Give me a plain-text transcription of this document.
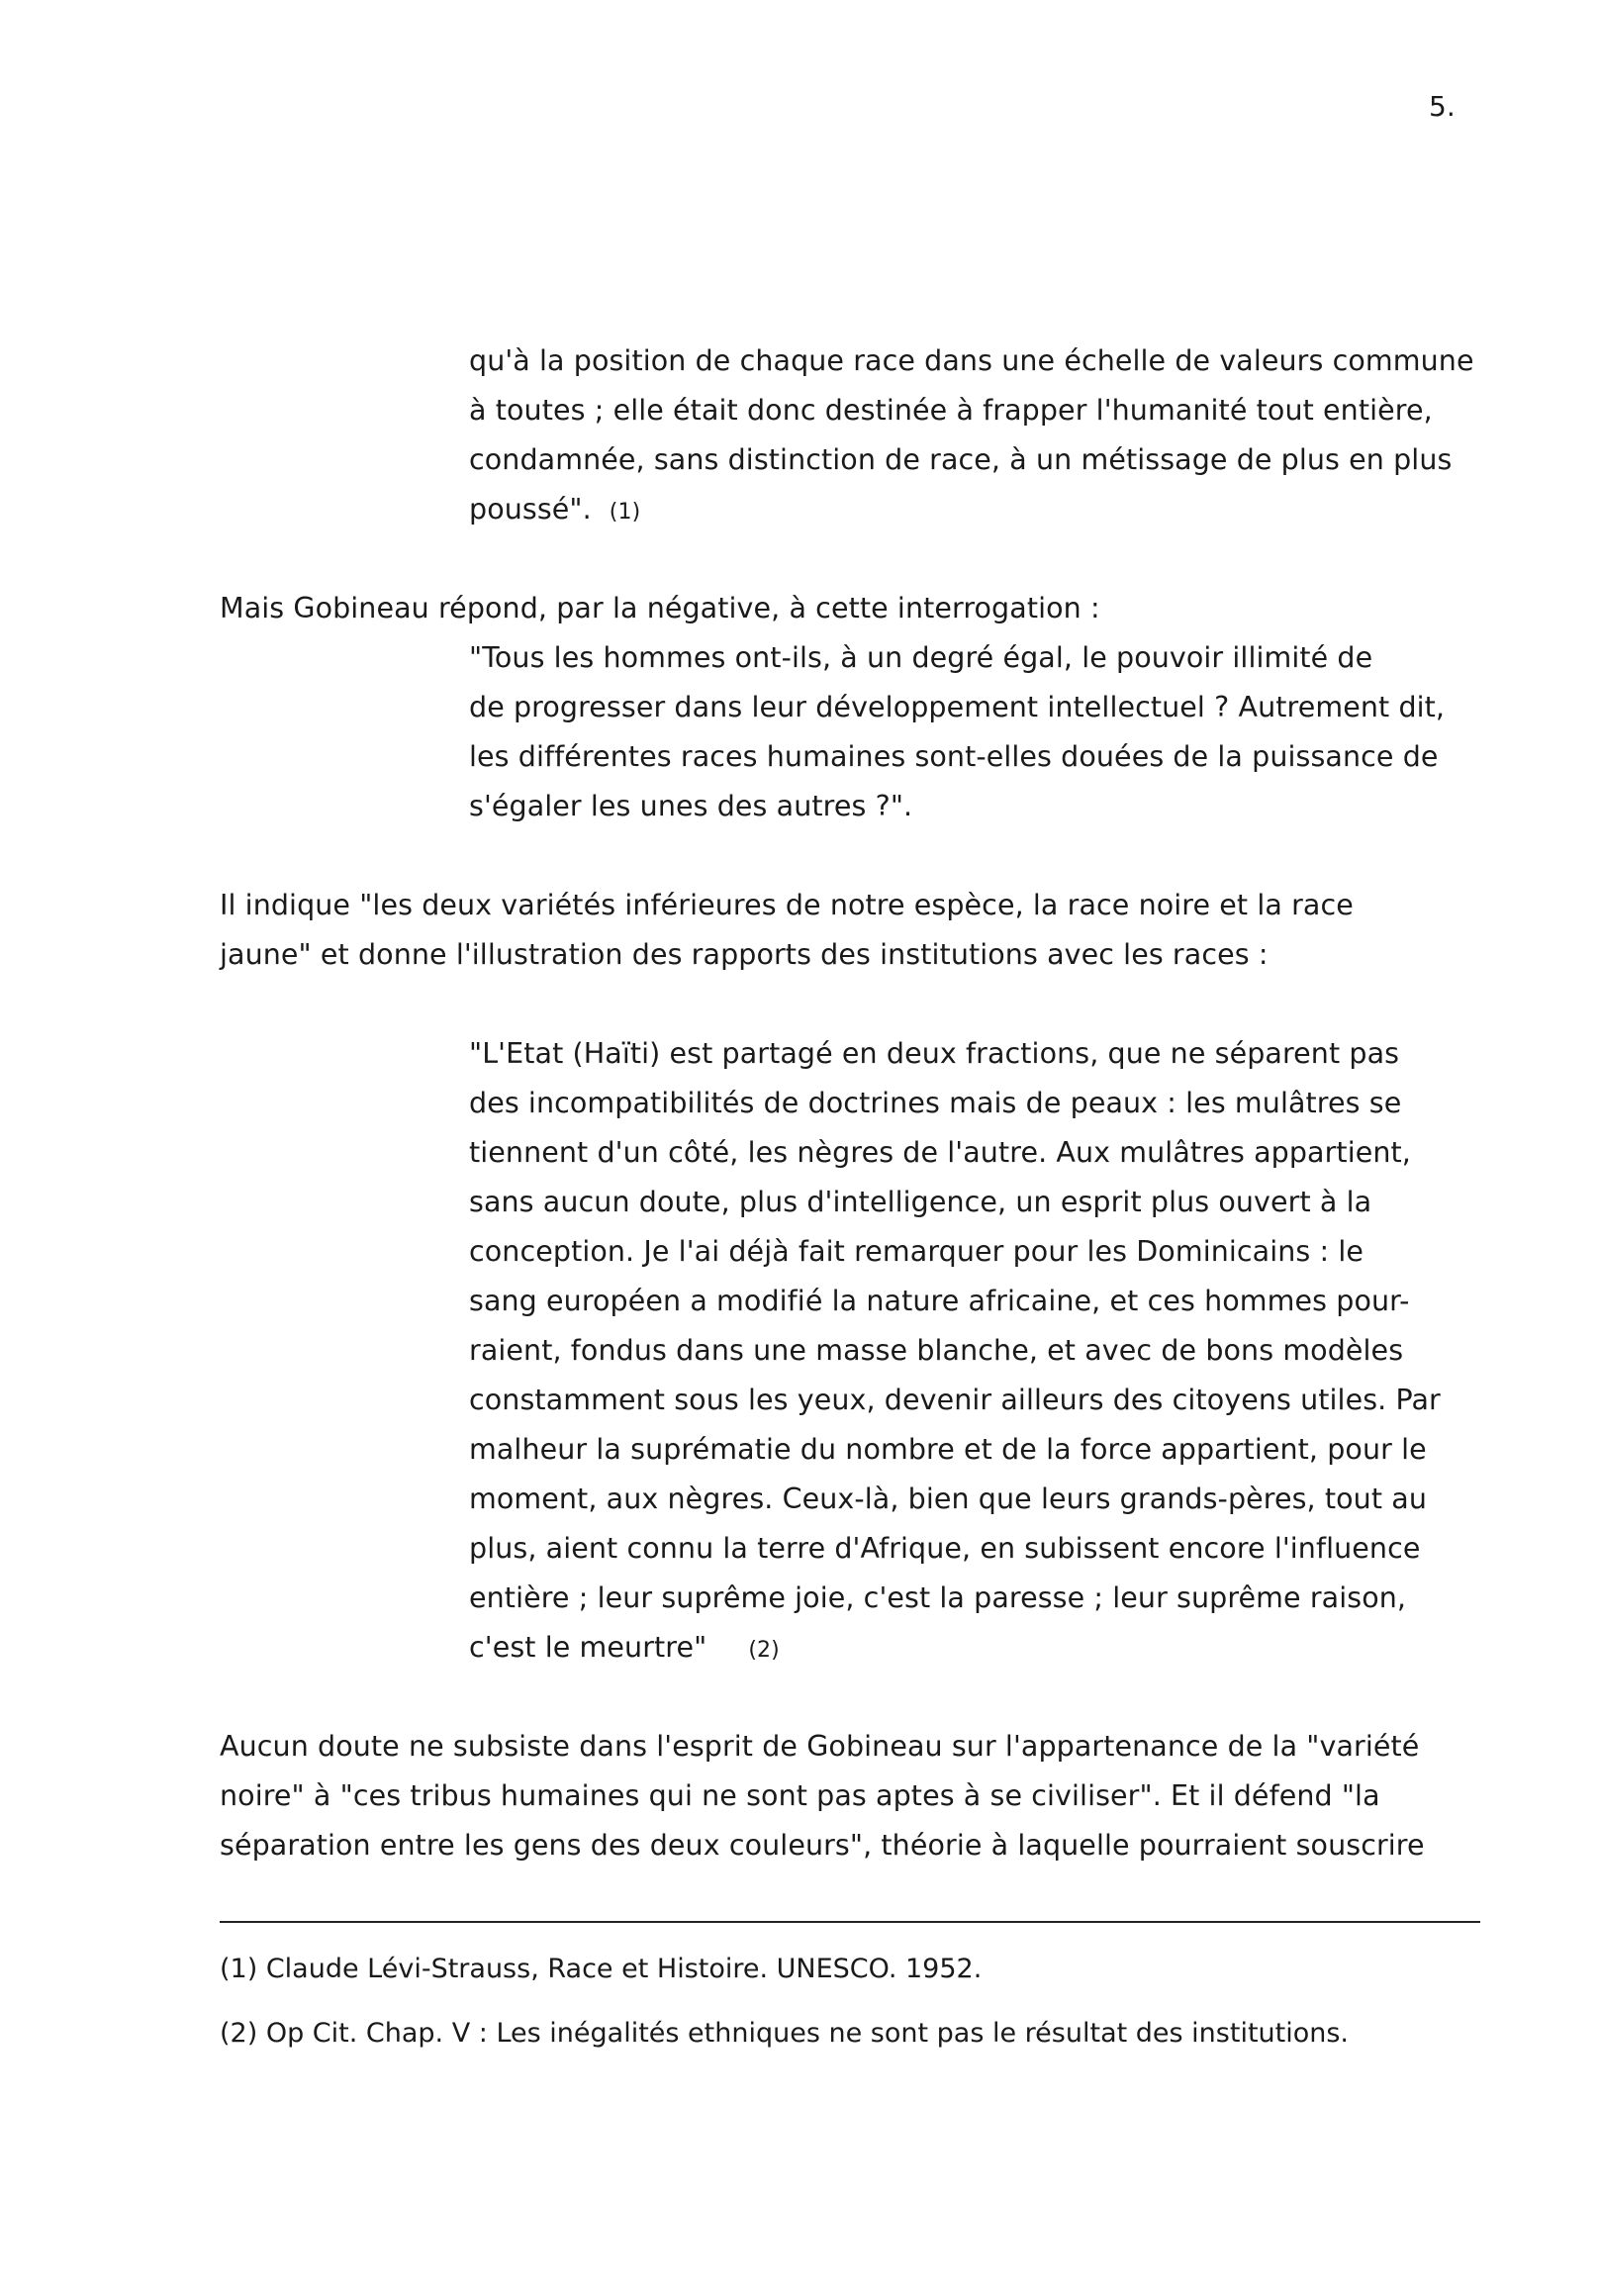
5.
qu'à la position de chaque race dans une échelle de valeurs commune
à toutes ; elle était donc destinée à frapper l'humanité tout entière,
condamnée, sans distinction de race, à un métissage de plus en plus
poussé". (1)
Mais Gobineau répond, par la négative, à cette interrogation :
"Tous les hommes ont-ils, à un degré égal, le pouvoir illimité de
de progresser dans leur développement intellectuel ? Autrement dit,
les différentes races humaines sont-elles douées de la puissance de
s'égaler les unes des autres ?".
Il indique "les deux variétés inférieures de notre espèce, la race noire et la race
jaune" et donne l'illustration des rapports des institutions avec les races :
"L'Etat (Haïti) est partagé en deux fractions, que ne séparent pas
des incompatibilités de doctrines mais de peaux : les mulâtres se
tiennent d'un côté, les nègres de l'autre. Aux mulâtres appartient,
sans aucun doute, plus d'intelligence, un esprit plus ouvert à la
conception. Je l'ai déjà fait remarquer pour les Dominicains : le
sang européen a modifié la nature africaine, et ces hommes pour-
raient, fondus dans une masse blanche, et avec de bons modèles
constamment sous les yeux, devenir ailleurs des citoyens utiles. Par
malheur la suprématie du nombre et de la force appartient, pour le
moment, aux nègres. Ceux-là, bien que leurs grands-pères, tout au
plus, aient connu la terre d'Afrique, en subissent encore l'influence
entière ; leur suprême joie, c'est la paresse ; leur suprême raison,
c'est le meurtre" (2)
Aucun doute ne subsiste dans l'esprit de Gobineau sur l'appartenance de la "variété
noire" à "ces tribus humaines qui ne sont pas aptes à se civiliser". Et il défend "la
séparation entre les gens des deux couleurs", théorie à laquelle pourraient souscrire
(1) Claude Lévi-Strauss, Race et Histoire. UNESCO. 1952.
(2) Op Cit. Chap. V : Les inégalités ethniques ne sont pas le résultat des institutions.
